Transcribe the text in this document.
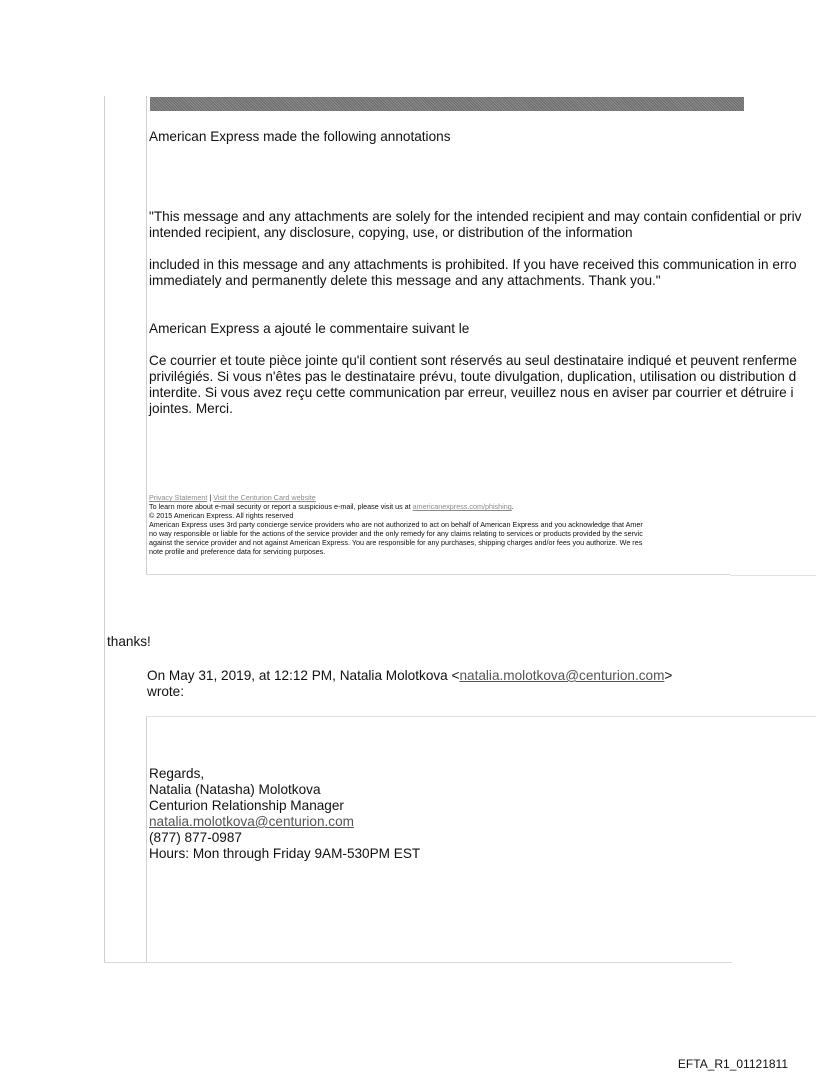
American Express made the following annotations
"This message and any attachments are solely for the intended recipient and may contain confidential or priv
intended recipient, any disclosure, copying, use, or distribution of the information
included in this message and any attachments is prohibited. If you have received this communication in erro
immediately and permanently delete this message and any attachments. Thank you."
American Express a ajouté le commentaire suivant le
Ce courrier et toute pièce jointe qu'il contient sont réservés au seul destinataire indiqué et peuvent renferme
privilégiés. Si vous n'êtes pas le destinataire prévu, toute divulgation, duplication, utilisation ou distribution d
interdite. Si vous avez reçu cette communication par erreur, veuillez nous en aviser par courrier et détruire i
jointes. Merci.
Privacy Statement | Visit the Centurion Card website
To learn more about e-mail security or report a suspicious e-mail, please visit us at americanexpress.com/phishing.
© 2015 American Express. All rights reserved
American Express uses 3rd party concierge service providers who are not authorized to act on behalf of American Express and you acknowledge that Amer
no way responsible or liable for the actions of the service provider and the only remedy for any claims relating to services or products provided by the servic
against the service provider and not against American Express. You are responsible for any purchases, shipping charges and/or fees you authorize. We res
note profile and preference data for servicing purposes.
thanks!
On May 31, 2019, at 12:12 PM, Natalia Molotkova <natalia.molotkova@centurion.com>
wrote:
Regards,
Natalia (Natasha) Molotkova
Centurion Relationship Manager
natalia.molotkova@centurion.com
(877) 877-0987
Hours: Mon through Friday 9AM-530PM EST
EFTA_R1_01121811
